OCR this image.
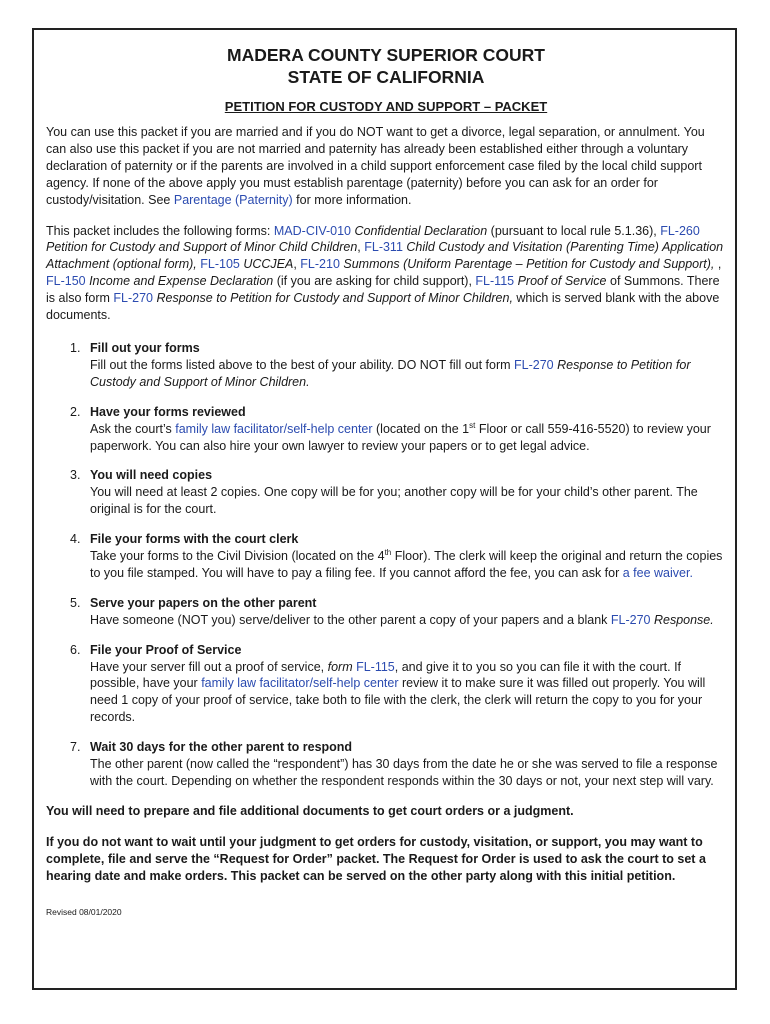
MADERA COUNTY SUPERIOR COURT
STATE OF CALIFORNIA
PETITION FOR CUSTODY AND SUPPORT – PACKET

You can use this packet if you are married and if you do NOT want to get a divorce, legal separation, or annulment. You can also use this packet if you are not married and paternity has already been established either through a voluntary declaration of paternity or if the parents are involved in a child support enforcement case filed by the local child support agency. If none of the above apply you must establish parentage (paternity) before you can ask for an order for custody/visitation. See Parentage (Paternity) for more information.

This packet includes the following forms: MAD-CIV-010 Confidential Declaration (pursuant to local rule 5.1.36), FL-260 Petition for Custody and Support of Minor Child Children, FL-311 Child Custody and Visitation (Parenting Time) Application Attachment (optional form), FL-105 UCCJEA, FL-210 Summons (Uniform Parentage – Petition for Custody and Support), , FL-150 Income and Expense Declaration (if you are asking for child support), FL-115 Proof of Service of Summons. There is also form FL-270 Response to Petition for Custody and Support of Minor Children, which is served blank with the above documents.

1. Fill out your forms
Fill out the forms listed above to the best of your ability. DO NOT fill out form FL-270 Response to Petition for Custody and Support of Minor Children.
2. Have your forms reviewed
Ask the court’s family law facilitator/self-help center (located on the 1st Floor or call 559-416-5520) to review your paperwork. You can also hire your own lawyer to review your papers or to get legal advice.
3. You will need copies
You will need at least 2 copies. One copy will be for you; another copy will be for your child’s other parent. The original is for the court.
4. File your forms with the court clerk
Take your forms to the Civil Division (located on the 4th Floor). The clerk will keep the original and return the copies to you file stamped. You will have to pay a filing fee. If you cannot afford the fee, you can ask for a fee waiver.
5. Serve your papers on the other parent
Have someone (NOT you) serve/deliver to the other parent a copy of your papers and a blank FL-270 Response.
6. File your Proof of Service
Have your server fill out a proof of service, form FL-115, and give it to you so you can file it with the court. If possible, have your family law facilitator/self-help center review it to make sure it was filled out properly. You will need 1 copy of your proof of service, take both to file with the clerk, the clerk will return the copy to you for your records.
7. Wait 30 days for the other parent to respond
The other parent (now called the “respondent”) has 30 days from the date he or she was served to file a response with the court. Depending on whether the respondent responds within the 30 days or not, your next step will vary.

You will need to prepare and file additional documents to get court orders or a judgment.

If you do not want to wait until your judgment to get orders for custody, visitation, or support, you may want to complete, file and serve the “Request for Order” packet. The Request for Order is used to ask the court to set a hearing date and make orders. This packet can be served on the other party along with this initial petition.

Revised 08/01/2020
